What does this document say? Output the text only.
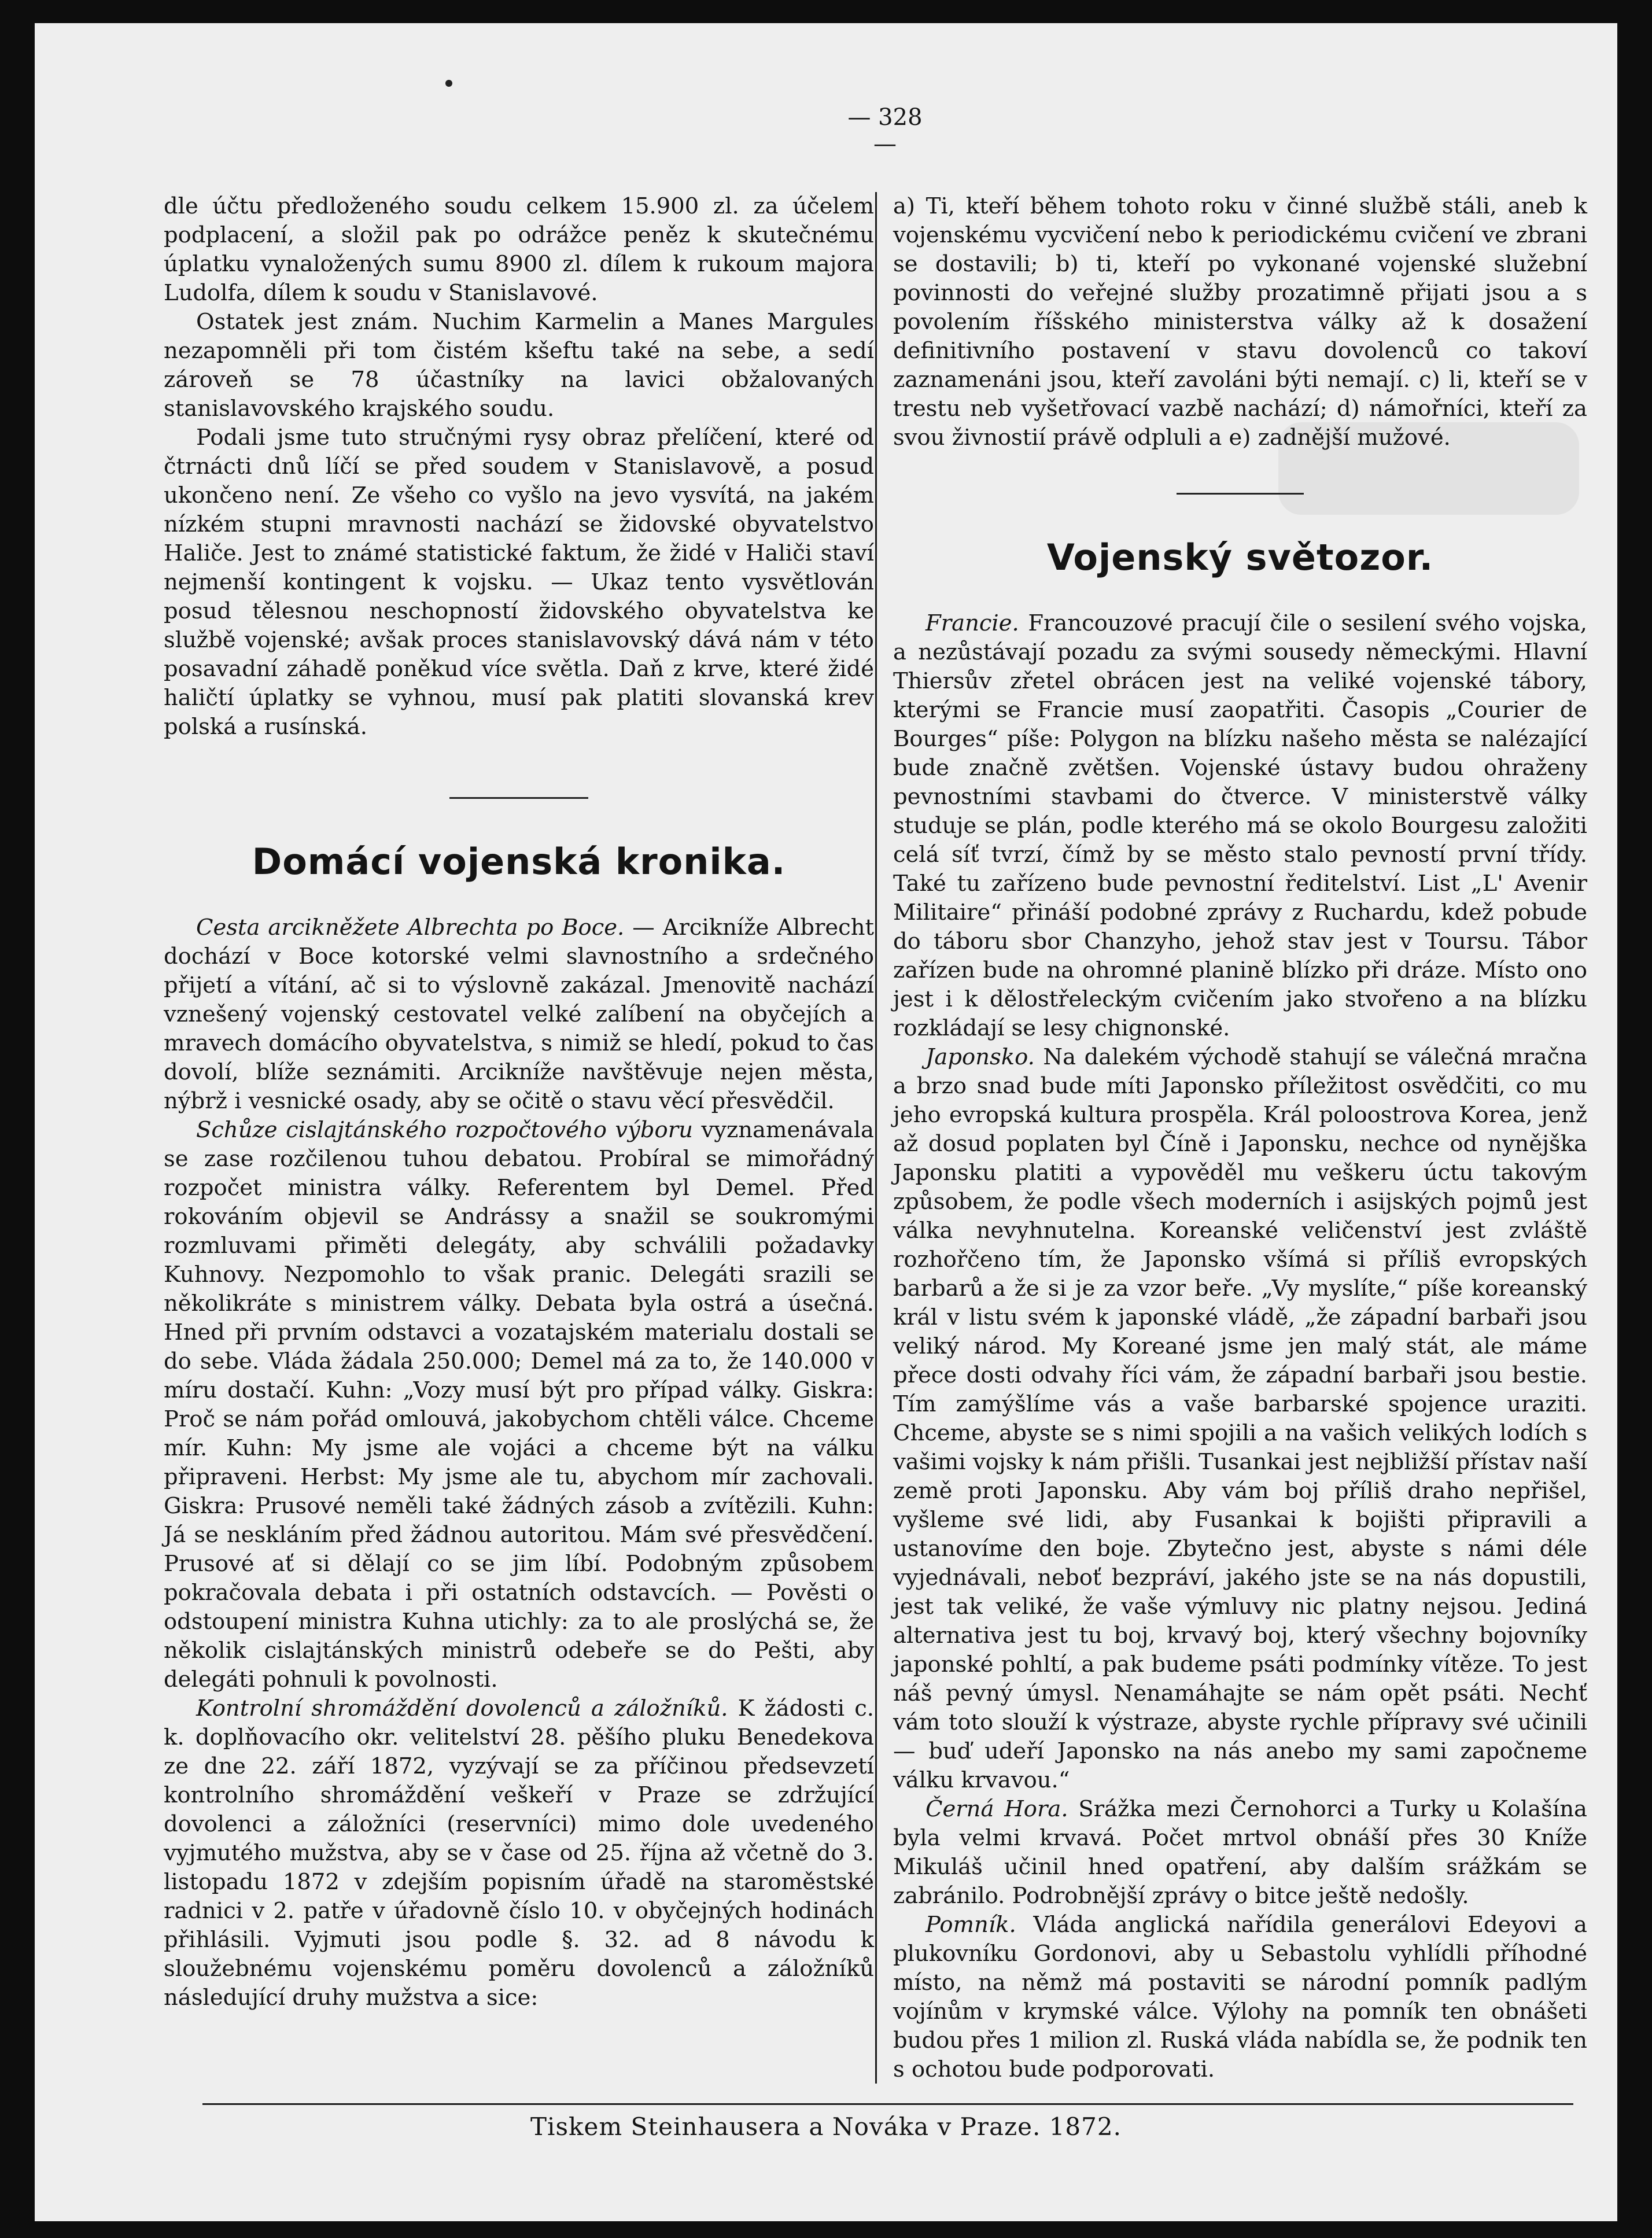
— 328 —

dle účtu předloženého soudu celkem 15.900 zl. za účelem podplacení, a složil pak po odrážce peněz k skutečnému úplatku vynaložených sumu 8900 zl. dílem k rukoum majora Ludolfa, dílem k soudu v Stanislavové.

Ostatek jest znám. Nuchim Karmelin a Manes Margules nezapomněli při tom čistém kšeftu také na sebe, a sedí zároveň se 78 účastníky na lavici obžalovaných stanislavovského krajského soudu.

Podali jsme tuto stručnými rysy obraz přelíčení, které od čtrnácti dnů líčí se před soudem v Stanislavově, a posud ukončeno není. Ze všeho co vyšlo na jevo vysvítá, na jakém nízkém stupni mravnosti nachází se židovské obyvatelstvo Haliče. Jest to známé statistické faktum, že židé v Haliči staví nejmenší kontingent k vojsku. — Ukaz tento vysvětlován posud tělesnou neschopností židovského obyvatelstva ke službě vojenské; avšak proces stanislavovský dává nám v této posavadní záhadě poněkud více světla. Daň z krve, které židé haličtí úplatky se vyhnou, musí pak platiti slovanská krev polská a rusínská.

Domácí vojenská kronika.

Cesta arcikněžete Albrechta po Boce. — Arcikníže Albrecht dochází v Boce kotorské velmi slavnostního a srdečného přijetí a vítání, ač si to výslovně zakázal. Jmenovitě nachází vznešený vojenský cestovatel velké zalíbení na obyčejích a mravech domácího obyvatelstva, s nimiž se hledí, pokud to čas dovolí, blíže seznámiti. Arcikníže navštěvuje nejen města, nýbrž i vesnické osady, aby se očitě o stavu věcí přesvědčil.

Schůze cislajtánského rozpočtového výboru vyznamenávala se zase rozčilenou tuhou debatou. Probíral se mimořádný rozpočet ministra války. Referentem byl Demel. Před rokováním objevil se Andrássy a snažil se soukromými rozmluvami přiměti delegáty, aby schválili požadavky Kuhnovy. Nezpomohlo to však pranic. Delegáti srazili se několikráte s ministrem války. Debata byla ostrá a úsečná. Hned při prvním odstavci a vozatajském materialu dostali se do sebe. Vláda žádala 250.000; Demel má za to, že 140.000 v míru dostačí. Kuhn: „Vozy musí být pro případ války. Giskra: Proč se nám pořád omlouvá, jakobychom chtěli válce. Chceme mír. Kuhn: My jsme ale vojáci a chceme být na válku připraveni. Herbst: My jsme ale tu, abychom mír zachovali. Giskra: Prusové neměli také žádných zásob a zvítězili. Kuhn: Já se neskláním před žádnou autoritou. Mám své přesvědčení. Prusové ať si dělají co se jim líbí. Podobným způsobem pokračovala debata i při ostatních odstavcích. — Pověsti o odstoupení ministra Kuhna utichly: za to ale proslýchá se, že několik cislajtánských ministrů odebeře se do Pešti, aby delegáti pohnuli k povolnosti.

Kontrolní shromáždění dovolenců a záložníků. K žádosti c. k. doplňovacího okr. velitelství 28. pěšího pluku Benedekova ze dne 22. září 1872, vyzývají se za příčinou předsevzetí kontrolního shromáždění veškeří v Praze se zdržující dovolenci a záložníci (reservníci) mimo dole uvedeného vyjmutého mužstva, aby se v čase od 25. října až včetně do 3. listopadu 1872 v zdejším popisním úřadě na staroměstské radnici v 2. patře v úřadovně číslo 10. v obyčejných hodinách přihlásili. Vyjmuti jsou podle §. 32. ad 8 návodu k sloužebnému vojenskému poměru dovolenců a záložníků následující druhy mužstva a sice:

a) Ti, kteří během tohoto roku v činné službě stáli, aneb k vojenskému vycvičení nebo k periodickému cvičení ve zbrani se dostavili; b) ti, kteří po vykonané vojenské služební povinnosti do veřejné služby prozatimně přijati jsou a s povolením říšského ministerstva války až k dosažení definitivního postavení v stavu dovolenců co takoví zaznamenáni jsou, kteří zavoláni býti nemají. c) li, kteří se v trestu neb vyšetřovací vazbě nachází; d) námořníci, kteří za svou živnostií právě odpluli a e) zadnější mužové.

Vojenský světozor.

Francie. Francouzové pracují čile o sesilení svého vojska, a nezůstávají pozadu za svými sousedy německými. Hlavní Thiersův zřetel obrácen jest na veliké vojenské tábory, kterými se Francie musí zaopatřiti. Časopis „Courier de Bourges“ píše: Polygon na blízku našeho města se nalézající bude značně zvětšen. Vojenské ústavy budou ohraženy pevnostními stavbami do čtverce. V ministerstvě války studuje se plán, podle kterého má se okolo Bourgesu založiti celá síť tvrzí, čímž by se město stalo pevností první třídy. Také tu zařízeno bude pevnostní ředitelství. List „L' Avenir Militaire“ přináší podobné zprávy z Ruchardu, kdež pobude do táboru sbor Chanzyho, jehož stav jest v Toursu. Tábor zařízen bude na ohromné planině blízko při dráze. Místo ono jest i k dělostřeleckým cvičením jako stvořeno a na blízku rozkládají se lesy chignonské.

Japonsko. Na dalekém východě stahují se válečná mračna a brzo snad bude míti Japonsko příležitost osvědčiti, co mu jeho evropská kultura prospěla. Král poloostrova Korea, jenž až dosud poplaten byl Číně i Japonsku, nechce od nynějška Japonsku platiti a vypověděl mu veškeru úctu takovým způsobem, že podle všech moderních i asijských pojmů jest válka nevyhnutelna. Koreanské veličenství jest zvláště rozhořčeno tím, že Japonsko všímá si příliš evropských barbarů a že si je za vzor beře. „Vy myslíte,“ píše koreanský král v listu svém k japonské vládě, „že západní barbaři jsou veliký národ. My Koreané jsme jen malý stát, ale máme přece dosti odvahy říci vám, že západní barbaři jsou bestie. Tím zamýšlíme vás a vaše barbarské spojence uraziti. Chceme, abyste se s nimi spojili a na vašich velikých lodích s vašimi vojsky k nám přišli. Tusankai jest nejbližší přístav naší země proti Japonsku. Aby vám boj příliš draho nepřišel, vyšleme své lidi, aby Fusankai k bojišti připravili a ustanovíme den boje. Zbytečno jest, abyste s námi déle vyjednávali, neboť bezpráví, jakého jste se na nás dopustili, jest tak veliké, že vaše výmluvy nic platny nejsou. Jediná alternativa jest tu boj, krvavý boj, který všechny bojovníky japonské pohltí, a pak budeme psáti podmínky vítěze. To jest náš pevný úmysl. Nenamáhajte se nám opět psáti. Nechť vám toto slouží k výstraze, abyste rychle přípravy své učinili — buď udeří Japonsko na nás anebo my sami započneme válku krvavou.“

Černá Hora. Srážka mezi Černohorci a Turky u Kolašína byla velmi krvavá. Počet mrtvol obnáší přes 30 Kníže Mikuláš učinil hned opatření, aby dalším srážkám se zabránilo. Podrobnější zprávy o bitce ještě nedošly.

Pomník. Vláda anglická nařídila generálovi Edeyovi a plukovníku Gordonovi, aby u Sebastolu vyhlídli příhodné místo, na němž má postaviti se národní pomník padlým vojínům v krymské válce. Výlohy na pomník ten obnášeti budou přes 1 milion zl. Ruská vláda nabídla se, že podnik ten s ochotou bude podporovati.

Tiskem Steinhausera a Nováka v Praze. 1872.
